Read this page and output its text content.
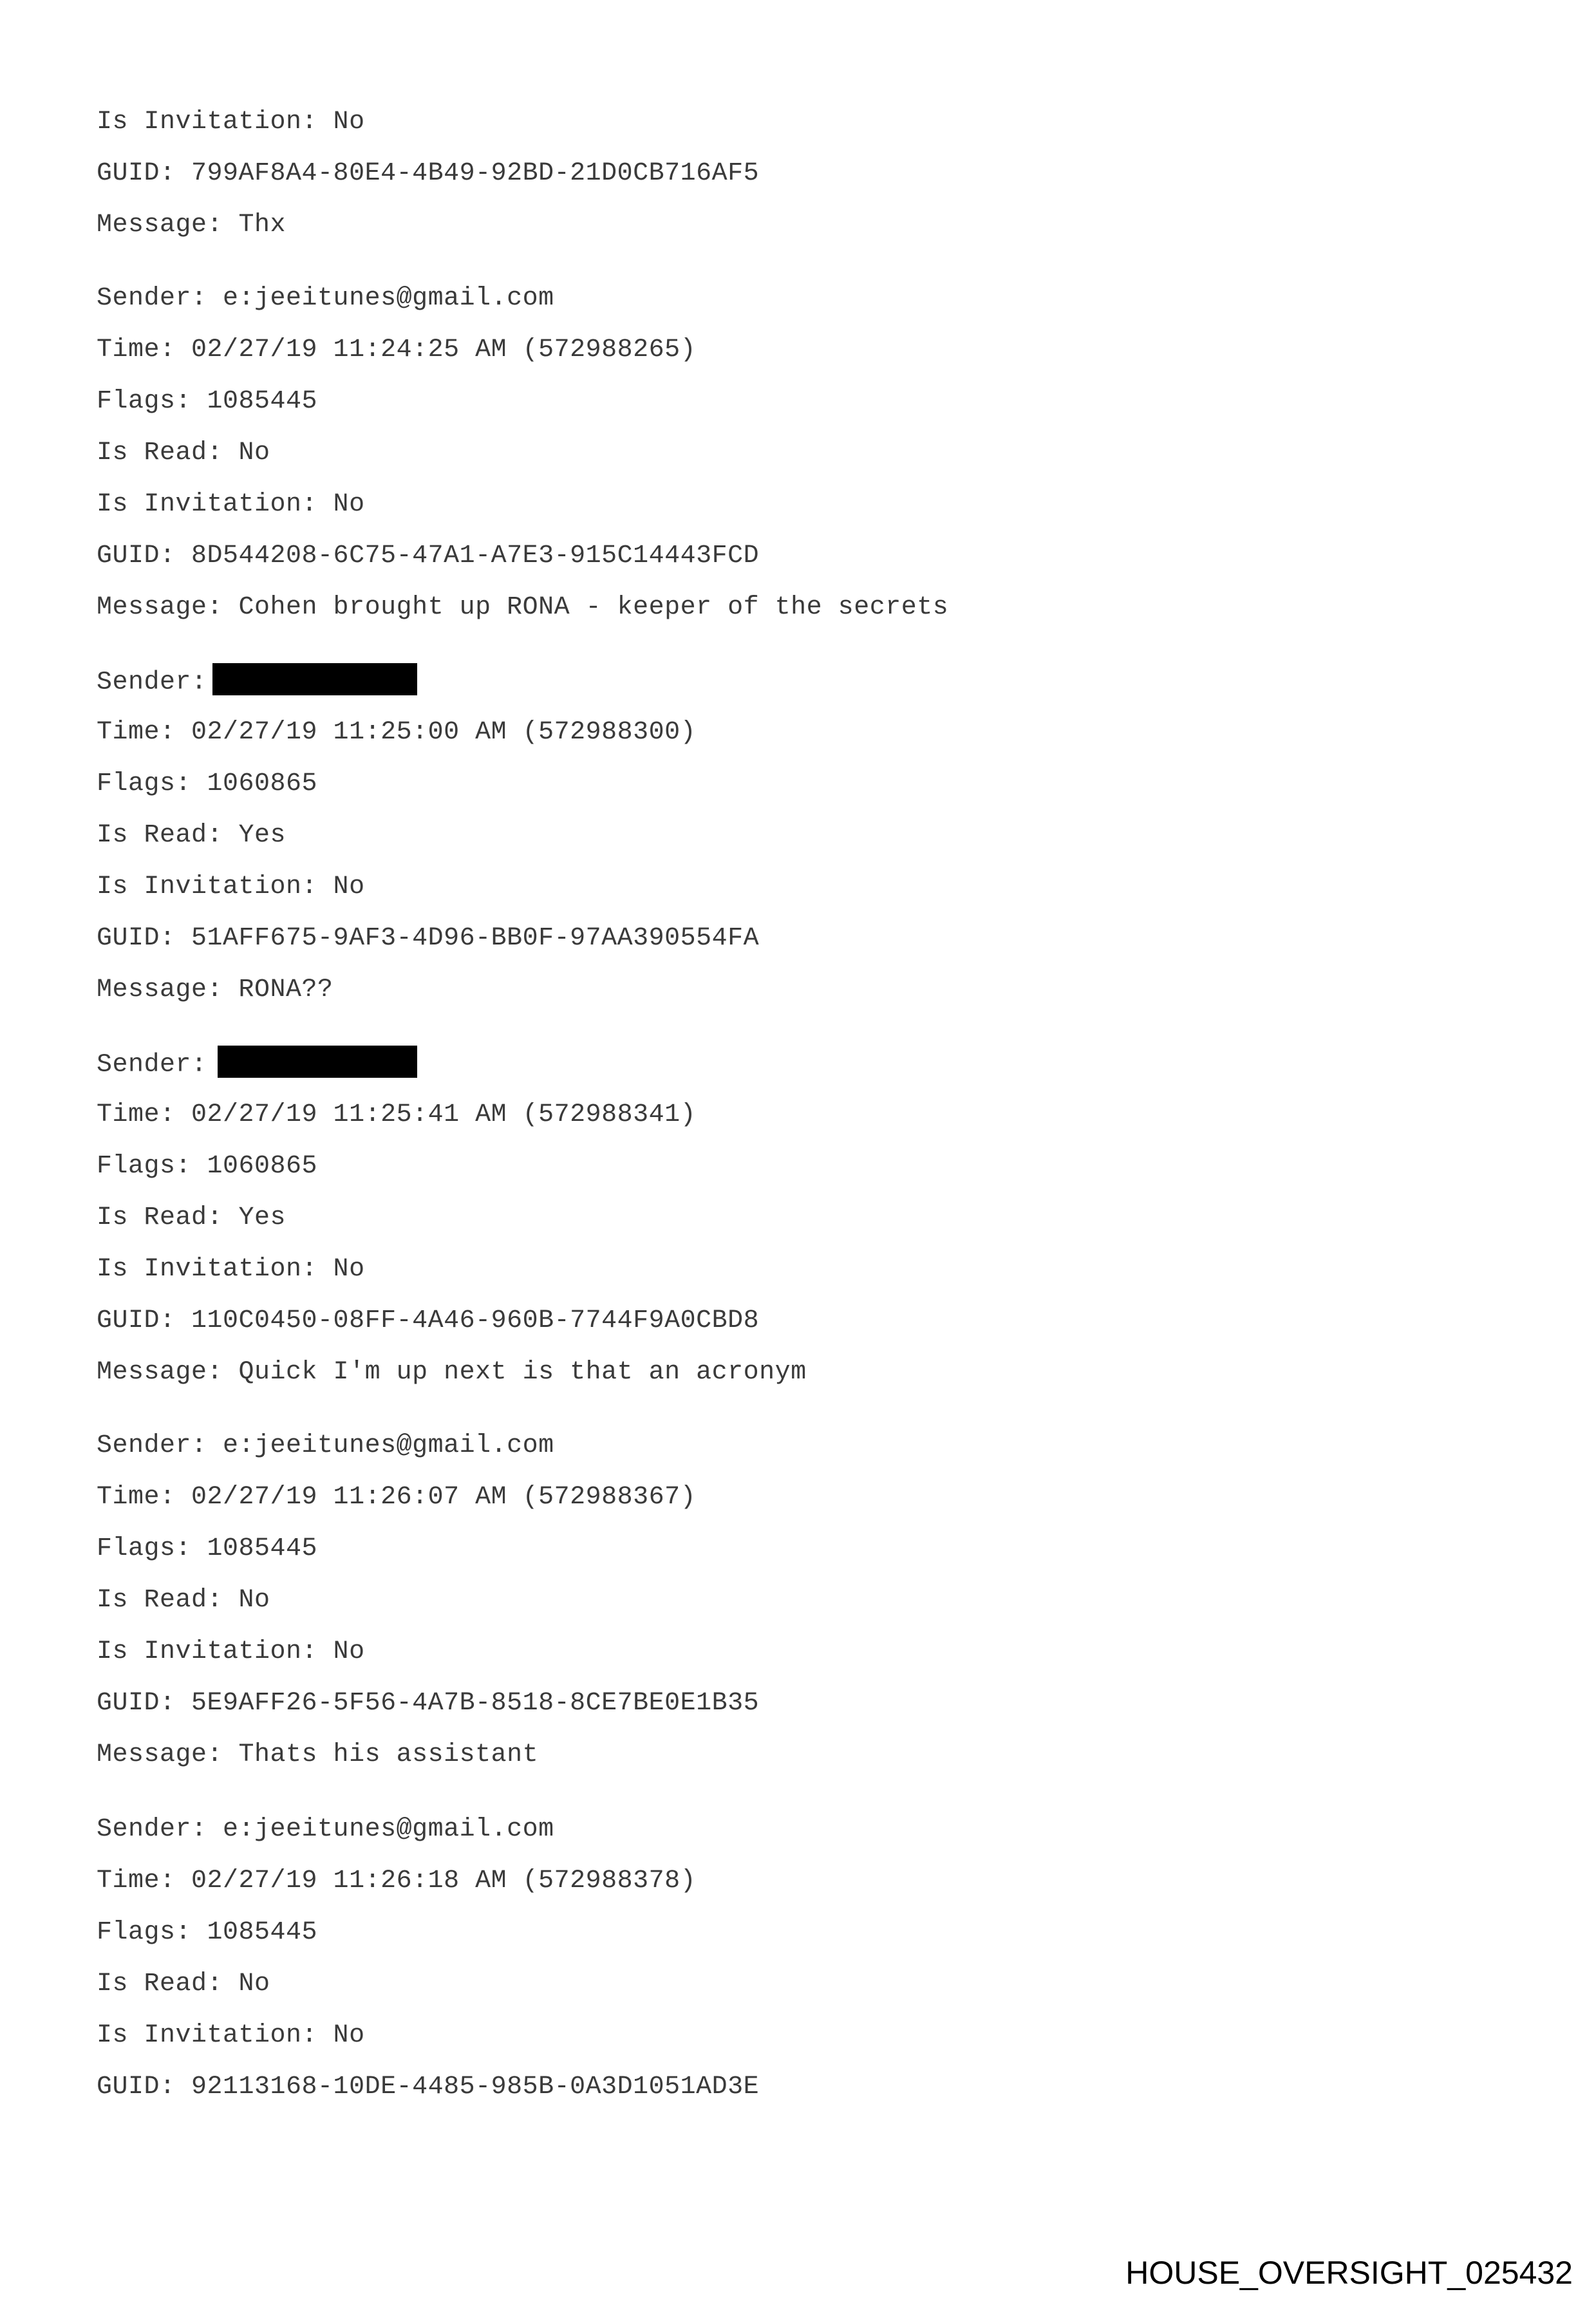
Is Invitation: No
GUID: 799AF8A4-80E4-4B49-92BD-21D0CB716AF5
Message: Thx
Sender: e:jeeitunes@gmail.com
Time: 02/27/19 11:24:25 AM (572988265)
Flags: 1085445
Is Read: No
Is Invitation: No
GUID: 8D544208-6C75-47A1-A7E3-915C14443FCD
Message: Cohen brought up RONA - keeper of the secrets
Sender:
Time: 02/27/19 11:25:00 AM (572988300)
Flags: 1060865
Is Read: Yes
Is Invitation: No
GUID: 51AFF675-9AF3-4D96-BB0F-97AA390554FA
Message: RONA??
Sender:
Time: 02/27/19 11:25:41 AM (572988341)
Flags: 1060865
Is Read: Yes
Is Invitation: No
GUID: 110C0450-08FF-4A46-960B-7744F9A0CBD8
Message: Quick I'm up next is that an acronym
Sender: e:jeeitunes@gmail.com
Time: 02/27/19 11:26:07 AM (572988367)
Flags: 1085445
Is Read: No
Is Invitation: No
GUID: 5E9AFF26-5F56-4A7B-8518-8CE7BE0E1B35
Message: Thats his assistant
Sender: e:jeeitunes@gmail.com
Time: 02/27/19 11:26:18 AM (572988378)
Flags: 1085445
Is Read: No
Is Invitation: No
GUID: 92113168-10DE-4485-985B-0A3D1051AD3E
HOUSE_OVERSIGHT_025432
